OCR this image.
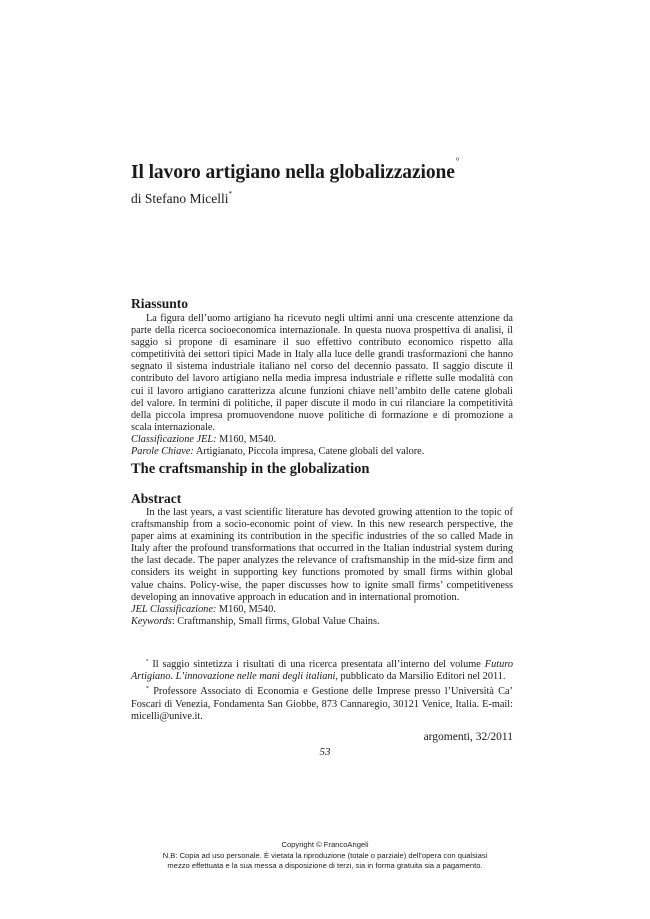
Il lavoro artigiano nella globalizzazione°
di Stefano Micelli*
Riassunto

La figura dell’uomo artigiano ha ricevuto negli ultimi anni una crescente attenzione da parte della ricerca socioeconomica internazionale. In questa nuova prospettiva di analisi, il saggio si propone di esaminare il suo effettivo contributo economico rispetto alla competitività dei settori tipici Made in Italy alla luce delle grandi trasformazioni che hanno segnato il sistema industriale italiano nel corso del decennio passato. Il saggio discute il contributo del lavoro artigiano nella media impresa industriale e riflette sulle modalità con cui il lavoro artigiano caratterizza alcune funzioni chiave nell’ambito delle catene globali del valore. In termini di politiche, il paper discute il modo in cui rilanciare la competitività della piccola impresa promuovendone nuove politiche di formazione e di promozione a scala internazionale.

Classificazione JEL: M160, M540.

Parole Chiave: Artigianato, Piccola impresa, Catene globali del valore.

The craftsmanship in the globalization
Abstract

In the last years, a vast scientific literature has devoted growing attention to the topic of craftsmanship from a socio-economic point of view. In this new research perspective, the paper aims at examining its contribution in the specific industries of the so called Made in Italy after the profound transformations that occurred in the Italian industrial system during the last decade. The paper analyzes the relevance of craftsmanship in the mid-size firm and considers its weight in supporting key functions promoted by small firms within global value chains. Policy-wise, the paper discusses how to ignite small firms’ competitiveness developing an innovative approach in education and in international promotion.

JEL Classificazione: M160, M540.

Keywords: Craftmanship, Small firms, Global Value Chains.

° Il saggio sintetizza i risultati di una ricerca presentata all’interno del volume Futuro Artigiano. L’innovazione nelle mani degli italiani, pubblicato da Marsilio Editori nel 2011.

* Professore Associato di Economia e Gestione delle Imprese presso l’Università Ca’ Foscari di Venezia, Fondamenta San Giobbe, 873 Cannaregio, 30121 Venice, Italia. E-mail: micelli@unive.it.

argomenti, 32/2011
53
Copyright © FrancoAngeli
N.B: Copia ad uso personale. È vietata la riproduzione (totale o parziale) dell’opera con qualsiasi
mezzo effettuata e la sua messa a disposizione di terzi, sia in forma gratuita sia a pagamento.
